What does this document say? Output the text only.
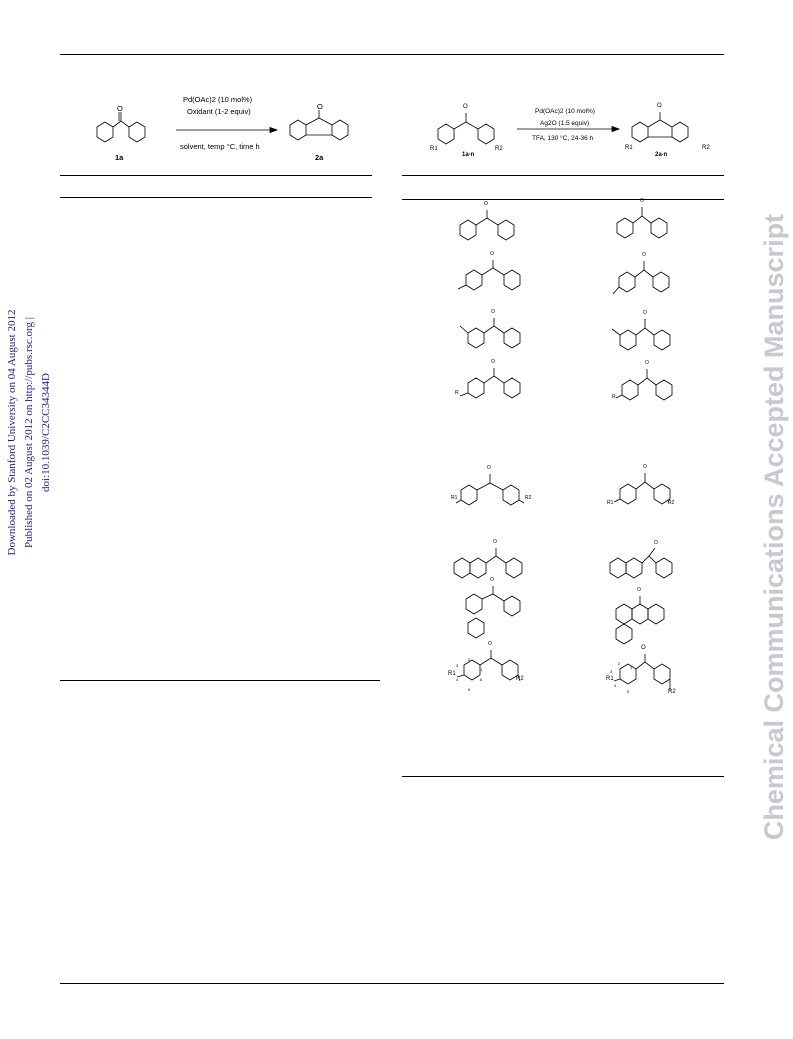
Downloaded by Stanford University on 04 August 2012 Published on 02 August 2012 on http://pubs.rsc.org | doi:10.1039/C2CC34344D	Chemical Communications Accepted Manuscript
Pd(OAc)2 (10 mol%)
Oxidant (1-2 equiv)
solvent, temp °C, time h
1a	2a
O	O
Pd(OAc)2 (10 mol%)
Ag2O (1.5 equiv)
TFA, 130 °C, 24-36 h
1a-n	2a-n
R1	R2	R1	R2
R
R
R1	R2
R1	R2
R1
R2	R1
R2
3
2
1
4
5
6
2
3
1
4
5
O	O
O	O
O	O
O	O
O	O
O	O
O
O
O
O
O	O
